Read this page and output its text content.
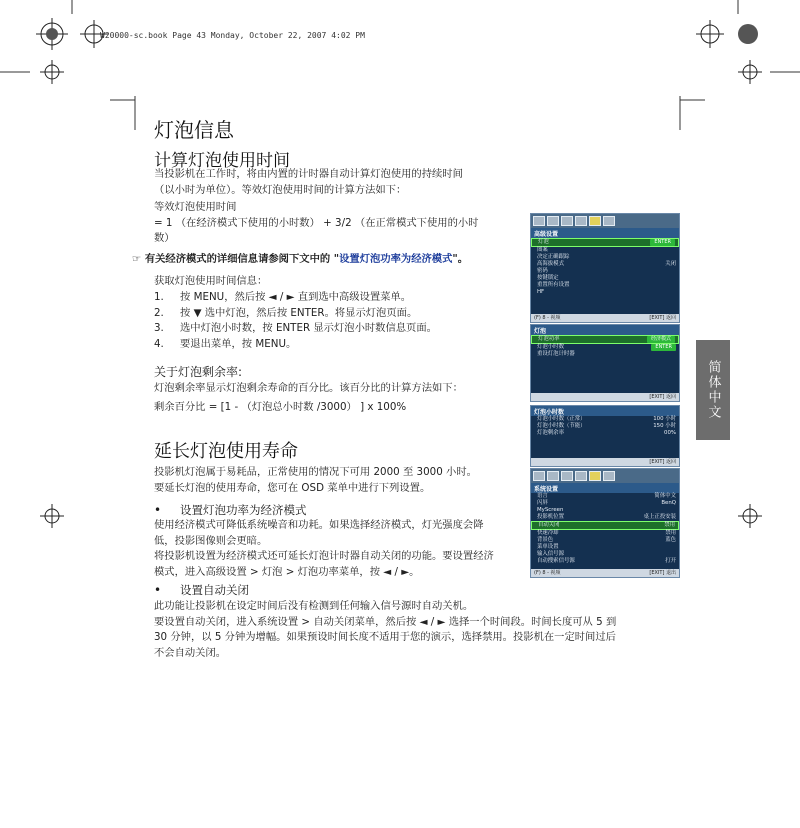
W20000-sc.book Page 43 Monday, October 22, 2007 4:02 PM
简体中文
灯泡信息
计算灯泡使用时间
当投影机在工作时，将由内置的计时器自动计算灯泡使用的持续时间
（以小时为单位）。等效灯泡使用时间的计算方法如下：
等效灯泡使用时间
= 1 （在经济模式下使用的小时数） + 3/2 （在正常模式下使用的小时
数）
☞ 有关经济模式的详细信息请参阅下文中的 "设置灯泡功率为经济模式"。
获取灯泡使用时间信息：
1. 按 MENU，然后按 ◄ / ► 直到选中高级设置菜单。
2. 按 ▼ 选中灯泡，然后按 ENTER。将显示灯泡页面。
3. 选中灯泡小时数，按 ENTER 显示灯泡小时数信息页面。
4. 要退出菜单，按 MENU。
关于灯泡剩余率:
灯泡剩余率显示灯泡剩余寿命的百分比。该百分比的计算方法如下：
剩余百分比 = [1 - （灯泡总小时数 /3000） ] x 100%
延长灯泡使用寿命
投影机灯泡属于易耗品，正常使用的情况下可用 2000 至 3000 小时。
要延长灯泡的使用寿命，您可在 OSD 菜单中进行下列设置。
• 设置灯泡功率为经济模式
使用经济模式可降低系统噪音和功耗。如果选择经济模式，灯光强度会降
低，投影图像则会更暗。
将投影机设置为经济模式还可延长灯泡计时器自动关闭的功能。要设置经济
模式，进入高级设置 > 灯泡 > 灯泡功率菜单，按 ◄ / ►。
• 设置自动关闭
此功能让投影机在设定时间后没有检测到任何输入信号源时自动关机。
要设置自动关闭，进入系统设置 > 自动关闭菜单，然后按 ◄ / ► 选择一个时间段。时间长度可从 5 到
30 分钟，以 5 分钟为增幅。如果预设时间长度不适用于您的演示，选择禁用。投影机在一定时间过后
不会自动关闭。
高级设置
灯泡	ENTER
图案
决定正确跟踪
高海拔模式	关闭
密码
按键锁定
重置所有设置
HF
(F) 8 - 视频	[EXIT] 返回
灯泡
灯泡功率	经济模式
灯泡小时数	ENTER
重设灯泡计时器
[EXIT] 返回
灯泡小时数
灯泡小时数（正常）	100 小时
灯泡小时数（节能）	150 小时
灯泡剩余率	00%
[EXIT] 返回
系统设置
语言	简体中文
闪屏	BenQ
MyScreen
投影机位置	桌上正投安装
自动关闭	禁用
快速冷却	禁用
背景色	蓝色
菜单设置
输入信号源
自动搜索信号源	打开
(F) 8 - 视频	[EXIT] 退出
